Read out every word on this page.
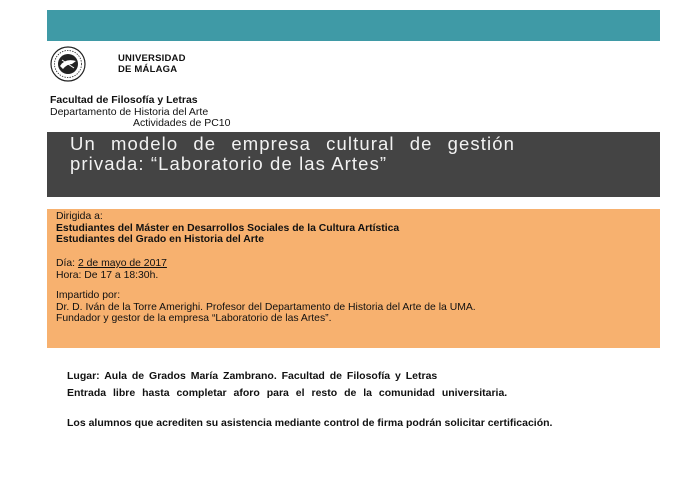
UNIVERSIDAD
DE MÁLAGA
Facultad de Filosofía y Letras
Departamento de Historia del Arte
Actividades de PC10
Un modelo de empresa cultural de gestión privada: “Laboratorio de las Artes”
Dirigida a:
Estudiantes del Máster en Desarrollos Sociales de la Cultura Artística
Estudiantes del Grado en Historia del Arte
Día: 2 de mayo de 2017
Hora: De 17 a 18:30h.
Impartido por:
Dr. D. Iván de la Torre Amerighi. Profesor del Departamento de Historia del Arte de la UMA.
Fundador y gestor de la empresa “Laboratorio de las Artes”.
Lugar: Aula de Grados María Zambrano. Facultad de Filosofía y Letras
Entrada libre hasta completar aforo para el resto de la comunidad universitaria.
Los alumnos que acrediten su asistencia mediante control de firma podrán solicitar certificación.
